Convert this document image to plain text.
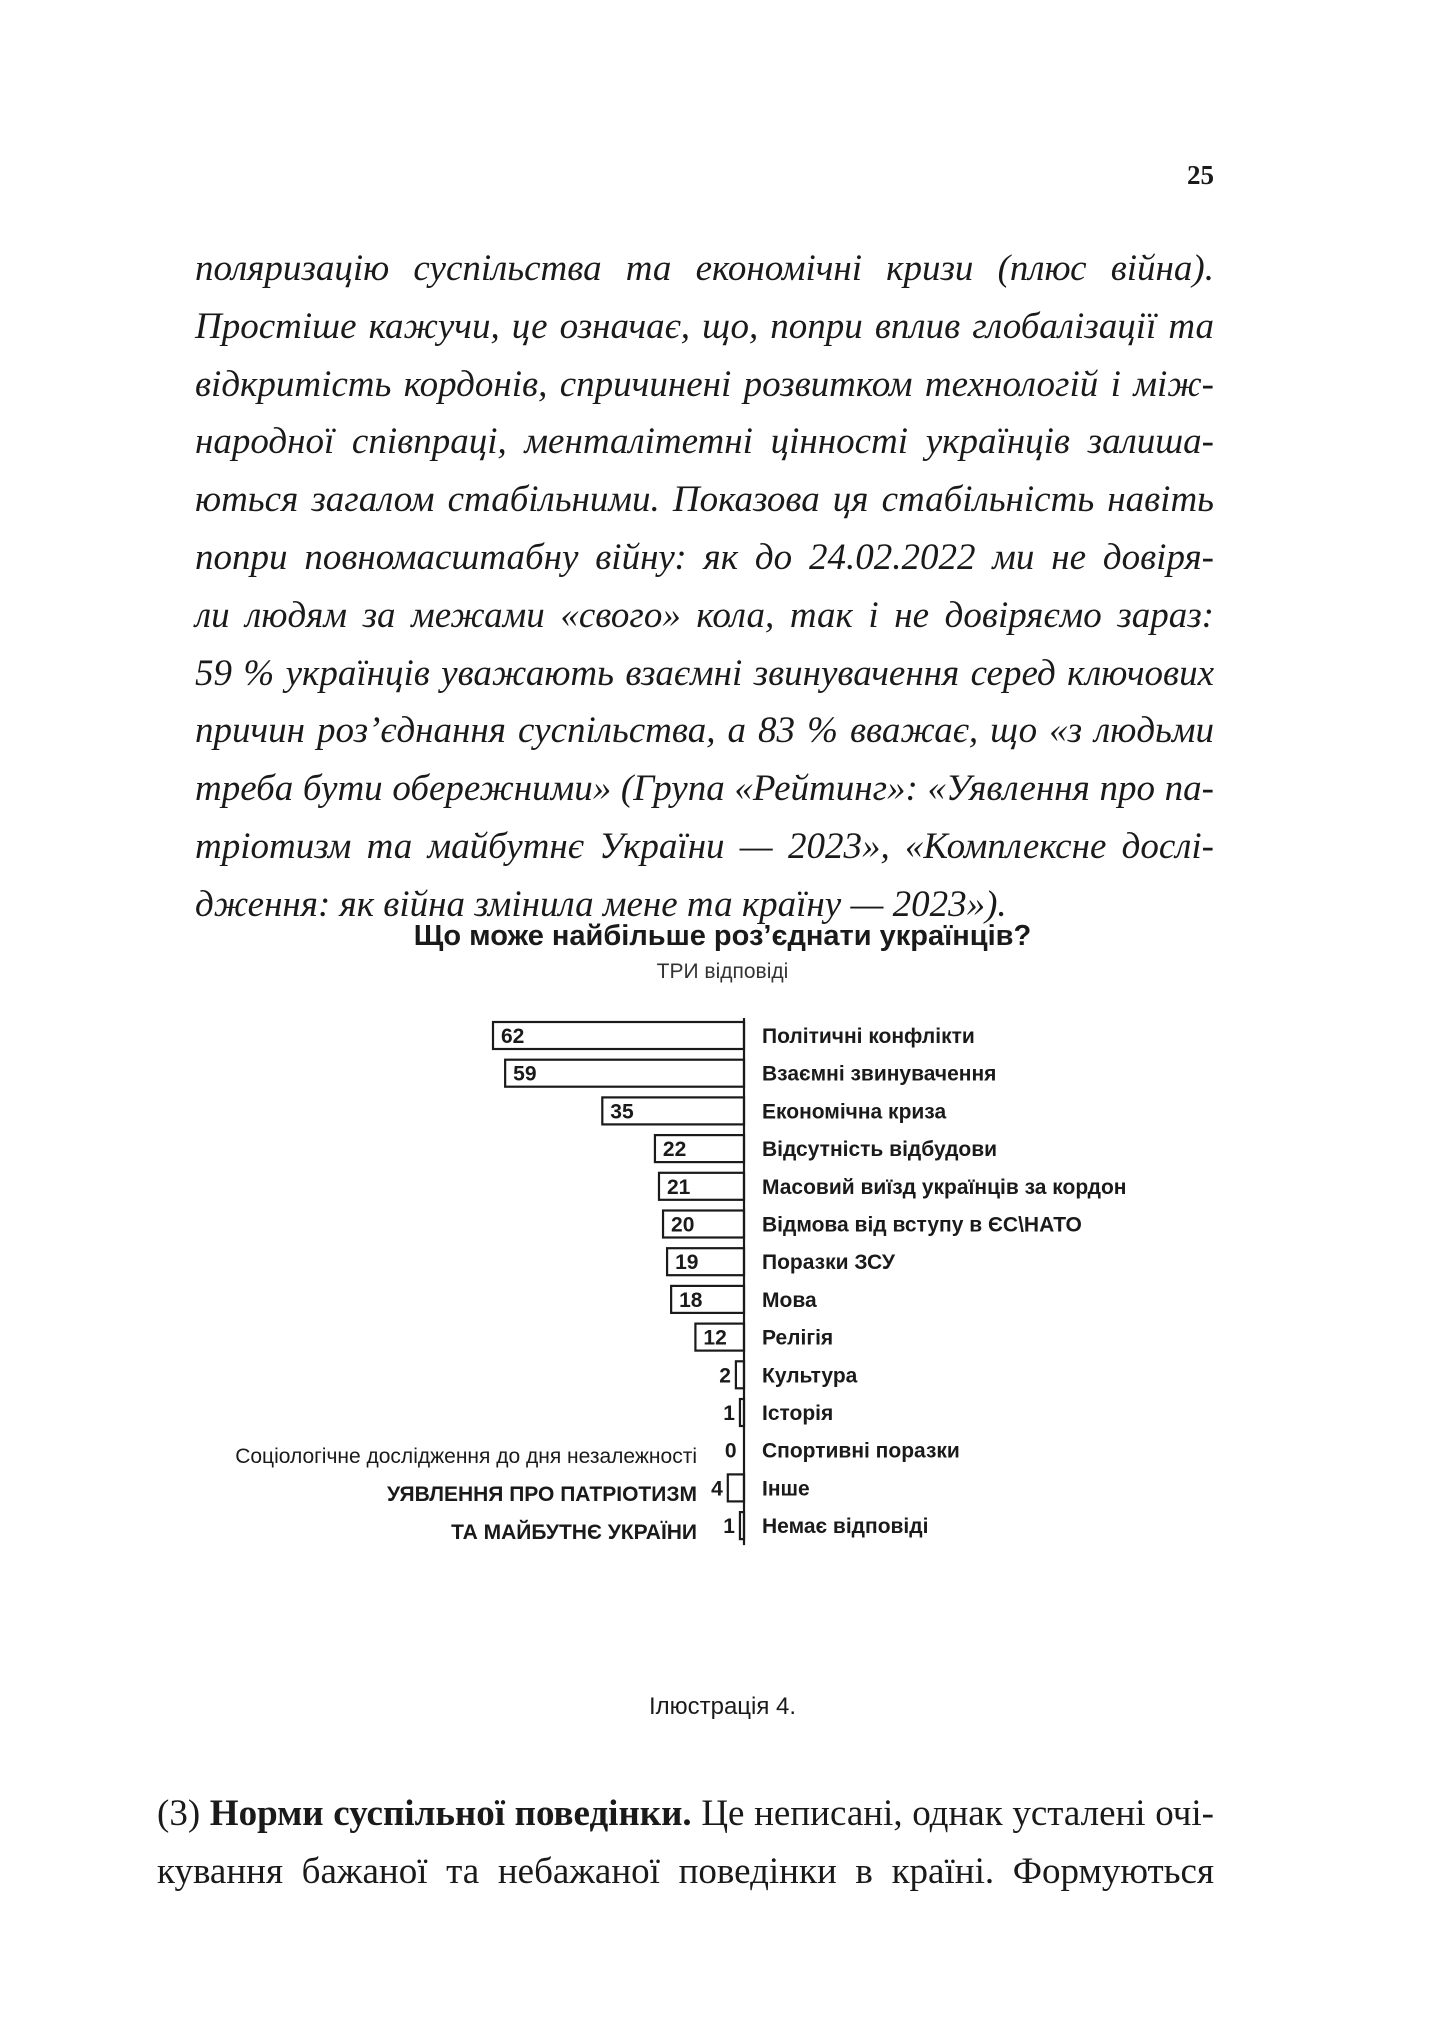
25
поляризацію суспільства та економічні кризи (плюс війна).
Простіше кажучи, це означає, що, попри вплив глобалізації та
відкритість кордонів, спричинені розвитком технологій і між-
народної співпраці, менталітетні цінності українців залиша-
ються загалом стабільними. Показова ця стабільність навіть
попри повномасштабну війну: як до 24.02.2022 ми не довіря-
ли людям за межами «свого» кола, так і не довіряємо зараз:
59 % українців уважають взаємні звинувачення серед ключових
причин роз’єднання суспільства, а 83 % вважає, що «з людьми
треба бути обережними» (Група «Рейтинг»: «Уявлення про па-
тріотизм та майбутнє України — 2023», «Комплексне дослі-
дження: як війна змінила мене та країну — 2023»).
Що може найбільше роз’єднати українців?
ТРИ відповіді
62	Політичні конфлікти
59	Взаємні звинувачення
35	Економічна криза
22	Відсутність відбудови
21	Масовий виїзд українців за кордон
20	Відмова від вступу в ЄС\НАТО
19	Поразки ЗСУ
18	Мова
12 Релігія
2 Культура
1 Історія
0 Спортивні поразки
4 Інше
1 Немає відповіді
Соціологічне дослідження до дня незалежності
УЯВЛЕННЯ ПРО ПАТРІОТИЗМ
ТА МАЙБУТНЄ УКРАЇНИ
Ілюстрація 4.
(3) Норми суспільної поведінки. Це неписані, однак усталені очі-
кування бажаної та небажаної поведінки в країні. Формуються
